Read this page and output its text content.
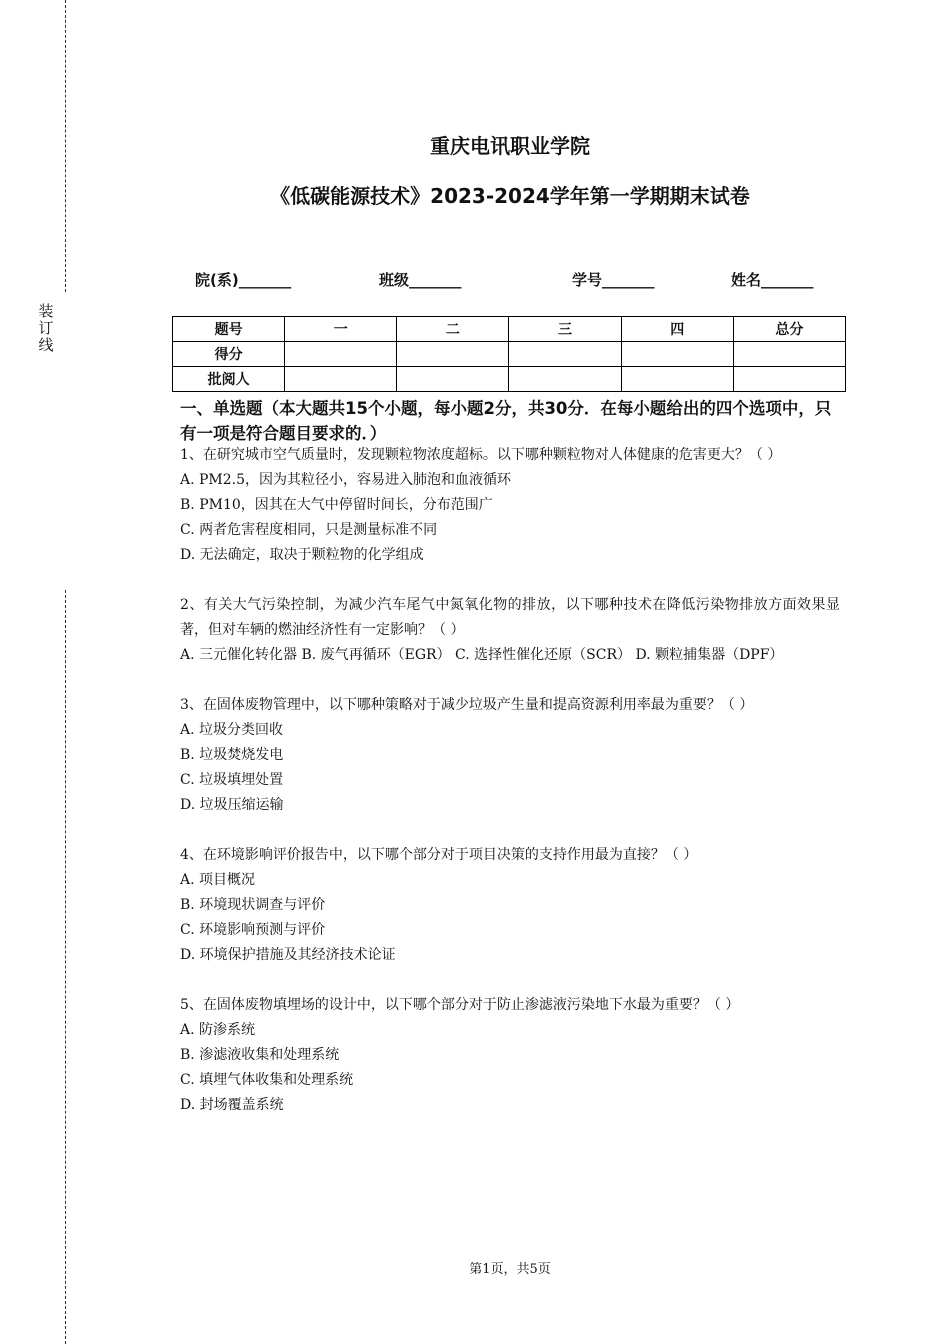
装
订
线
重庆电讯职业学院
《低碳能源技术》2023-2024学年第一学期期末试卷
院(系)_______	班级_______	学号_______	姓名_______
题号	一	二	三	四	总分
得分					
批阅人					
一、单选题（本大题共15个小题，每小题2分，共30分．在每小题给出的四个选项中，只有一项是符合题目要求的．）

1、在研究城市空气质量时，发现颗粒物浓度超标。以下哪种颗粒物对人体健康的危害更大？（ ）

A. PM2.5，因为其粒径小，容易进入肺泡和血液循环

B. PM10，因其在大气中停留时间长，分布范围广

C. 两者危害程度相同，只是测量标准不同

D. 无法确定，取决于颗粒物的化学组成

2、有关大气污染控制，为减少汽车尾气中氮氧化物的排放，以下哪种技术在降低污染物排放方面效果显著，但对车辆的燃油经济性有一定影响？（ ）

A. 三元催化转化器 B. 废气再循环（EGR） C. 选择性催化还原（SCR） D. 颗粒捕集器（DPF）

3、在固体废物管理中，以下哪种策略对于减少垃圾产生量和提高资源利用率最为重要？（ ）

A. 垃圾分类回收

B. 垃圾焚烧发电

C. 垃圾填埋处置

D. 垃圾压缩运输

4、在环境影响评价报告中，以下哪个部分对于项目决策的支持作用最为直接？（ ）

A. 项目概况

B. 环境现状调查与评价

C. 环境影响预测与评价

D. 环境保护措施及其经济技术论证

5、在固体废物填埋场的设计中，以下哪个部分对于防止渗滤液污染地下水最为重要？（ ）

A. 防渗系统

B. 渗滤液收集和处理系统

C. 填埋气体收集和处理系统

D. 封场覆盖系统

第1页，共5页
